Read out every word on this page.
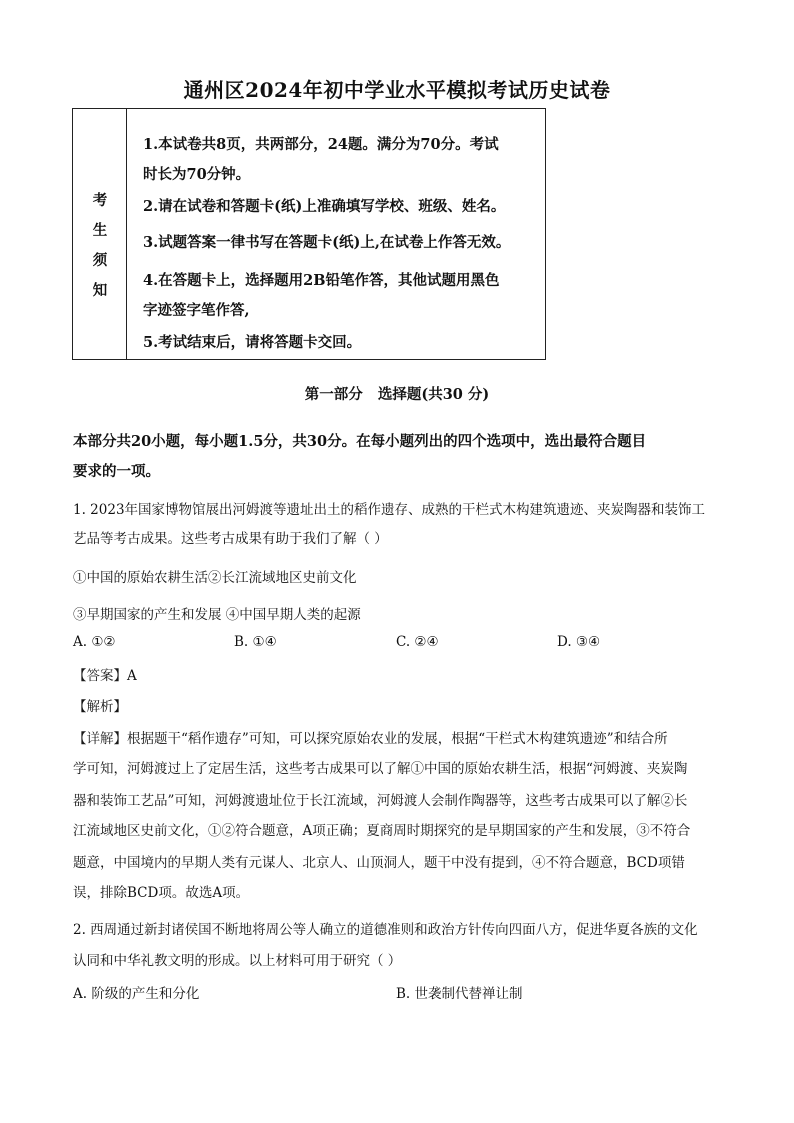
通州区2024年初中学业水平模拟考试历史试卷
考
生
须
知
1.本试卷共8页，共两部分，24题。满分为70分。考试
时长为70分钟。
2.请在试卷和答题卡(纸)上准确填写学校、班级、姓名。
3.试题答案一律书写在答题卡(纸)上,在试卷上作答无效。
4.在答题卡上，选择题用2B铅笔作答，其他试题用黑色
字迹签字笔作答,
5.考试结束后，请将答题卡交回。
第一部分   选择题(共30 分)
本部分共20小题，每小题1.5分，共30分。在每小题列出的四个选项中，选出最符合题目
要求的一项。
1. 2023年国家博物馆展出河姆渡等遗址出土的稻作遗存、成熟的干栏式木构建筑遗迹、夹炭陶器和装饰工
艺品等考古成果。这些考古成果有助于我们了解（ ）
①中国的原始农耕生活②长江流域地区史前文化
③早期国家的产生和发展 ④中国早期人类的起源
A. ①②	B. ①④	C. ②④	D. ③④
【答案】A
【解析】
【详解】根据题干“稻作遗存”可知，可以探究原始农业的发展，根据“干栏式木构建筑遗迹”和结合所
学可知，河姆渡过上了定居生活，这些考古成果可以了解①中国的原始农耕生活，根据“河姆渡、夹炭陶
器和装饰工艺品”可知，河姆渡遗址位于长江流域，河姆渡人会制作陶器等，这些考古成果可以了解②长
江流域地区史前文化，①②符合题意，A项正确；夏商周时期探究的是早期国家的产生和发展，③不符合
题意，中国境内的早期人类有元谋人、北京人、山顶洞人，题干中没有提到，④不符合题意，BCD项错
误，排除BCD项。故选A项。
2. 西周通过新封诸侯国不断地将周公等人确立的道德准则和政治方针传向四面八方，促进华夏各族的文化
认同和中华礼教文明的形成。以上材料可用于研究（ ）
A. 阶级的产生和分化	B. 世袭制代替禅让制
